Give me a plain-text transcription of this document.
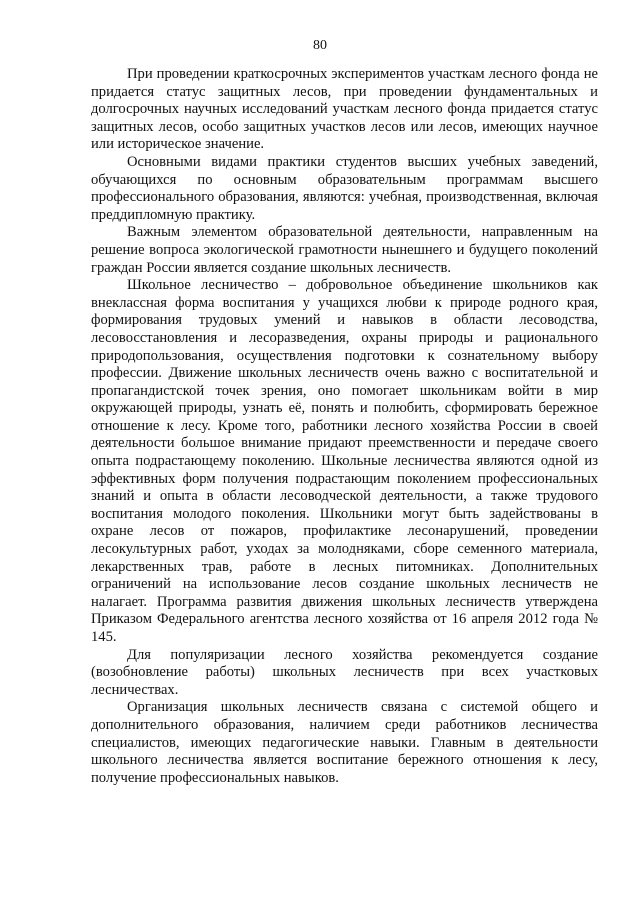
80

При проведении краткосрочных экспериментов участкам лесного фонда не придается статус защитных лесов, при проведении фундаментальных и долгосрочных научных исследований участкам лесного фонда придается статус защитных лесов, особо защитных участков лесов или лесов, имеющих научное или историческое значение.

Основными видами практики студентов высших учебных заведений, обучающихся по основным образовательным программам высшего профессионального образования, являются: учебная, производственная, включая преддипломную практику.

Важным элементом образовательной деятельности, направленным на решение вопроса экологической грамотности нынешнего и будущего поколений граждан России является создание школьных лесничеств.

Школьное лесничество – добровольное объединение школьников как внеклассная форма воспитания у учащихся любви к природе родного края, формирования трудовых умений и навыков в области лесоводства, лесовосстановления и лесоразведения, охраны природы и рационального природопользования, осуществления подготовки к сознательному выбору профессии. Движение школьных лесничеств очень важно с воспитательной и пропагандистской точек зрения, оно помогает школьникам войти в мир окружающей природы, узнать её, понять и полюбить, сформировать бережное отношение к лесу. Кроме того, работники лесного хозяйства России в своей деятельности большое внимание придают преемственности и передаче своего опыта подрастающему поколению. Школьные лесничества являются одной из эффективных форм получения подрастающим поколением профессиональных знаний и опыта в области лесоводческой деятельности, а также трудового воспитания молодого поколения. Школьники могут быть задействованы в охране лесов от пожаров, профилактике лесонарушений, проведении лесокультурных работ, уходах за молодняками, сборе семенного материала, лекарственных трав, работе в лесных питомниках. Дополнительных ограничений на использование лесов создание школьных лесничеств не налагает. Программа развития движения школьных лесничеств утверждена Приказом Федерального агентства лесного хозяйства от 16 апреля 2012 года № 145.

Для популяризации лесного хозяйства рекомендуется создание (возобновление работы) школьных лесничеств при всех участковых лесничествах.

Организация школьных лесничеств связана с системой общего и дополнительного образования, наличием среди работников лесничества специалистов, имеющих педагогические навыки. Главным в деятельности школьного лесничества является воспитание бережного отношения к лесу, получение профессиональных навыков.
